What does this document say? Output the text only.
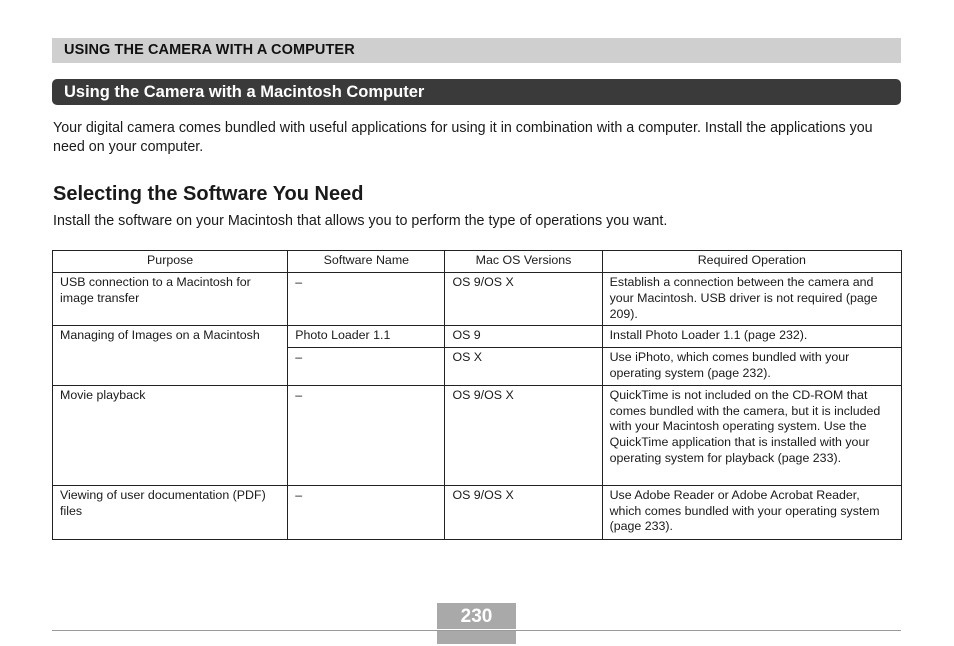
USING THE CAMERA WITH A COMPUTER
Using the Camera with a Macintosh Computer

Your digital camera comes bundled with useful applications for using it in combination with a computer. Install the applications you need on your computer.

Selecting the Software You Need

Install the software on your Macintosh that allows you to perform the type of operations you want.

Purpose	Software Name	Mac OS Versions	Required Operation
USB connection to a Macintosh for image transfer	–	OS 9/OS X	Establish a connection between the camera and your Macintosh. USB driver is not required (page 209).
Managing of Images on a Macintosh	Photo Loader 1.1	OS 9	Install Photo Loader 1.1 (page 232).
	–	OS X	Use iPhoto, which comes bundled with your operating system (page 232).
Movie playback	–	OS 9/OS X	QuickTime is not included on the CD-ROM that comes bundled with the camera, but it is included with your Macintosh operating system. Use the QuickTime application that is installed with your operating system for playback (page 233).
Viewing of user documentation (PDF) files	–	OS 9/OS X	Use Adobe Reader or Adobe Acrobat Reader, which comes bundled with your operating system (page 233).
230
